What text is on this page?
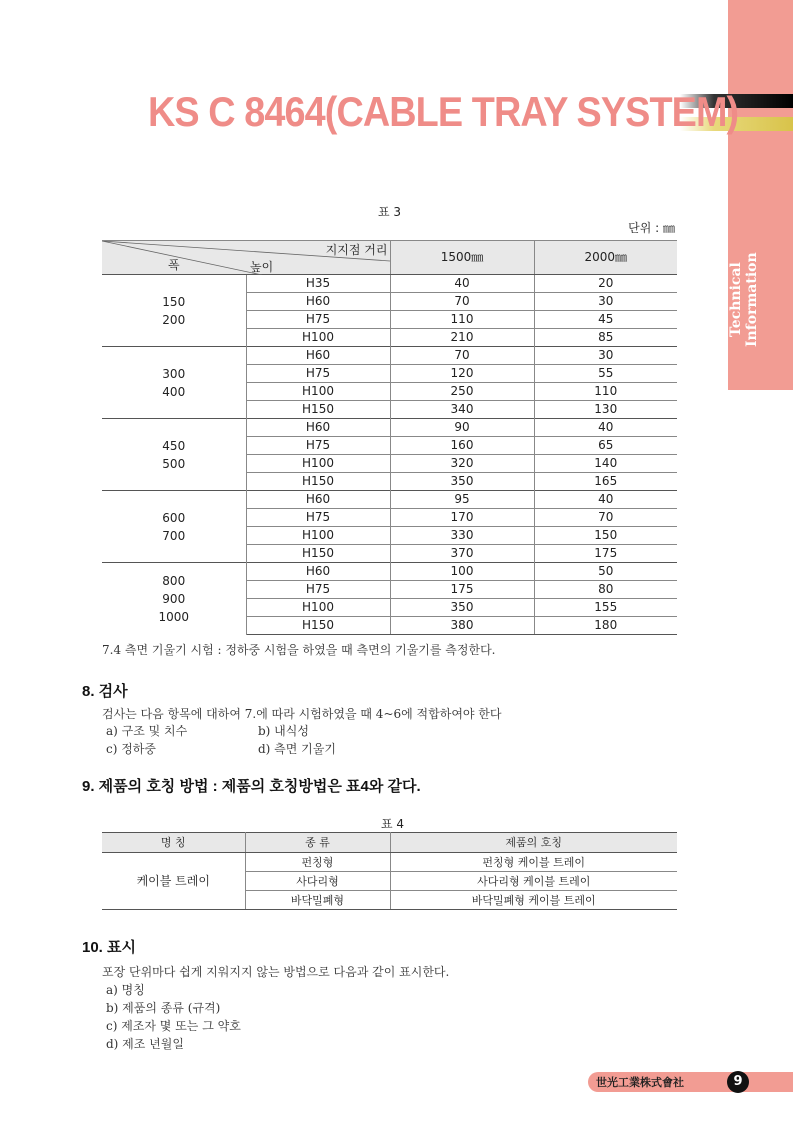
Technical Information
KS C 8464(CABLE TRAY SYSTEM)
표 3
단위 : ㎜
지지점 거리
폭 높이		1500㎜	2000㎜
150
200	H35	40	20
	H60	70	30
	H75	110	45
	H100	210	85
300
400	H60	70	30
	H75	120	55
	H100	250	110
	H150	340	130
450
500	H60	90	40
	H75	160	65
	H100	320	140
	H150	350	165
600
700	H60	95	40
	H75	170	70
	H100	330	150
	H150	370	175
800
900
1000	H60	100	50
	H75	175	80
	H100	350	155
	H150	380	180
7.4 측면 기울기 시험 : 정하중 시험을 하였을 때 측면의 기울기를 측정한다.
8. 검사
검사는 다음 항목에 대하여 7.에 따라 시험하였을 때 4~6에 적합하여야 한다
a) 구조 및 치수	b) 내식성
c) 정하중	d) 측면 기울기
9. 제품의 호칭 방법 : 제품의 호칭방법은 표4와 같다.
표 4
명 칭	종 류	제품의 호칭
케이블 트레이	펀칭형	펀칭형 케이블 트레이
	사다리형	사다리형 케이블 트레이
	바닥밀폐형	바닥밀폐형 케이블 트레이
10. 표시
포장 단위마다 쉽게 지워지지 않는 방법으로 다음과 같이 표시한다.
a) 명칭
b) 제품의 종류 (규격)
c) 제조자 몇 또는 그 약호
d) 제조 년월일
世光工業株式會社	9
